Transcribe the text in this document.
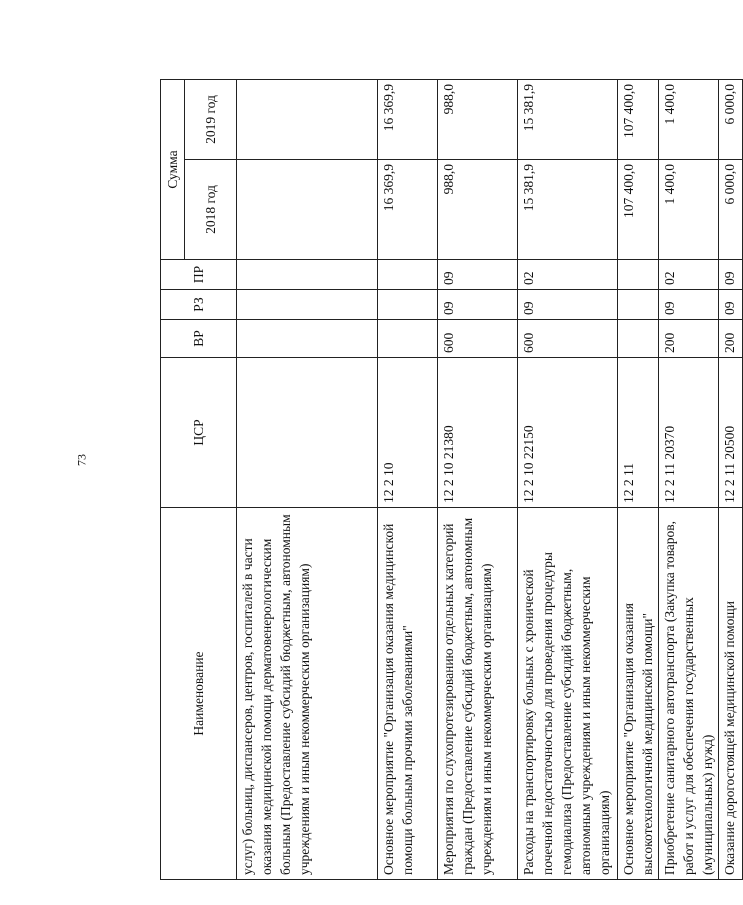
73
Наименование	ЦСР	ВР	РЗ	ПР	Сумма	
					2018 год	2019 год
услуг) больниц, диспансеров, центров, госпиталей в части оказания медицинской помощи дерматовенерологическим больным (Предоставление субсидий бюджетным, автономным учреждениям и иным некоммерческим организациям)						
Основное мероприятие "Организация оказания медицинской помощи больным прочими заболеваниями"	12 2 10				16 369,9	16 369,9
Мероприятия по слухопротезированию отдельных категорий граждан (Предоставление субсидий бюджетным, автономным учреждениям и иным некоммерческим организациям)	12 2 10 21380	600	09	09	988,0	988,0
Расходы на транспортировку больных с хронической почечной недостаточностью для проведения процедуры гемодиализа (Предоставление субсидий бюджетным, автономным учреждениям и иным некоммерческим организациям)	12 2 10 22150	600	09	02	15 381,9	15 381,9
Основное мероприятие "Организация оказания высокотехнологичной медицинской помощи"	12 2 11				107 400,0	107 400,0
Приобретение санитарного автотранспорта (Закупка товаров, работ и услуг для обеспечения государственных (муниципальных) нужд)	12 2 11 20370	200	09	02	1 400,0	1 400,0
Оказание дорогостоящей медицинской помощи	12 2 11 20500	200	09	09	6 000,0	6 000,0
